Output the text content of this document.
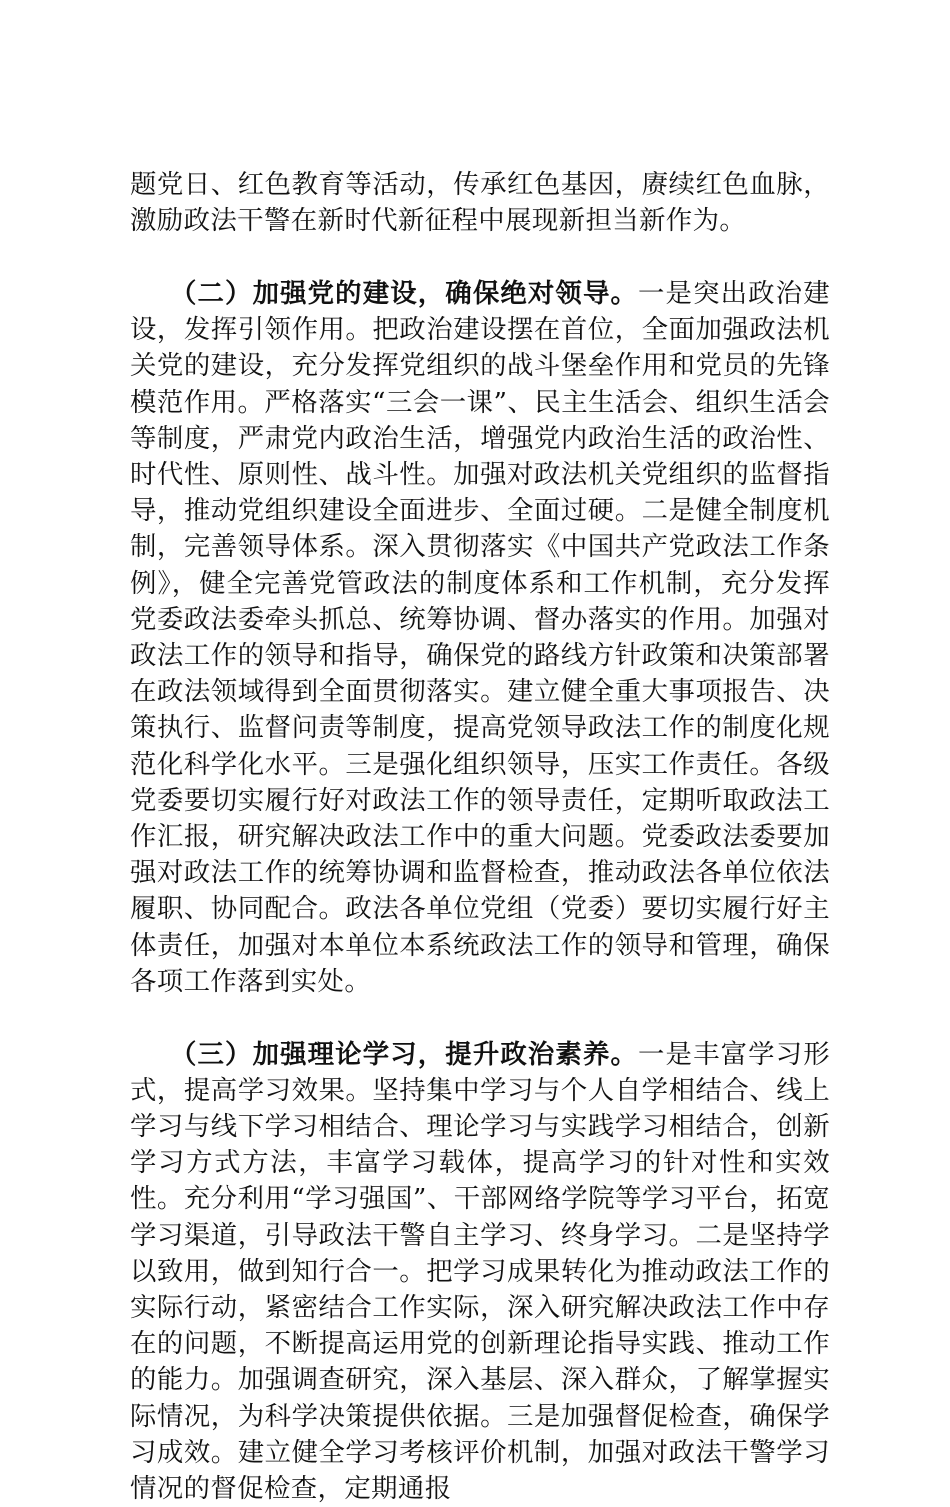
题党日、红色教育等活动，传承红色基因，赓续红色血脉，激励政法干警在新时代新征程中展现新担当新作为。

（二）加强党的建设，确保绝对领导。一是突出政治建设，发挥引领作用。把政治建设摆在首位，全面加强政法机关党的建设，充分发挥党组织的战斗堡垒作用和党员的先锋模范作用。严格落实“三会一课”、民主生活会、组织生活会等制度，严肃党内政治生活，增强党内政治生活的政治性、时代性、原则性、战斗性。加强对政法机关党组织的监督指导，推动党组织建设全面进步、全面过硬。二是健全制度机制，完善领导体系。深入贯彻落实《中国共产党政法工作条例》，健全完善党管政法的制度体系和工作机制，充分发挥党委政法委牵头抓总、统筹协调、督办落实的作用。加强对政法工作的领导和指导，确保党的路线方针政策和决策部署在政法领域得到全面贯彻落实。建立健全重大事项报告、决策执行、监督问责等制度，提高党领导政法工作的制度化规范化科学化水平。三是强化组织领导，压实工作责任。各级党委要切实履行好对政法工作的领导责任，定期听取政法工作汇报，研究解决政法工作中的重大问题。党委政法委要加强对政法工作的统筹协调和监督检查，推动政法各单位依法履职、协同配合。政法各单位党组（党委）要切实履行好主体责任，加强对本单位本系统政法工作的领导和管理，确保各项工作落到实处。

（三）加强理论学习，提升政治素养。一是丰富学习形式，提高学习效果。坚持集中学习与个人自学相结合、线上学习与线下学习相结合、理论学习与实践学习相结合，创新学习方式方法，丰富学习载体，提高学习的针对性和实效性。充分利用“学习强国”、干部网络学院等学习平台，拓宽学习渠道，引导政法干警自主学习、终身学习。二是坚持学以致用，做到知行合一。把学习成果转化为推动政法工作的实际行动，紧密结合工作实际，深入研究解决政法工作中存在的问题，不断提高运用党的创新理论指导实践、推动工作的能力。加强调查研究，深入基层、深入群众，了解掌握实际情况，为科学决策提供依据。三是加强督促检查，确保学习成效。建立健全学习考核评价机制，加强对政法干警学习情况的督促检查，定期通报
